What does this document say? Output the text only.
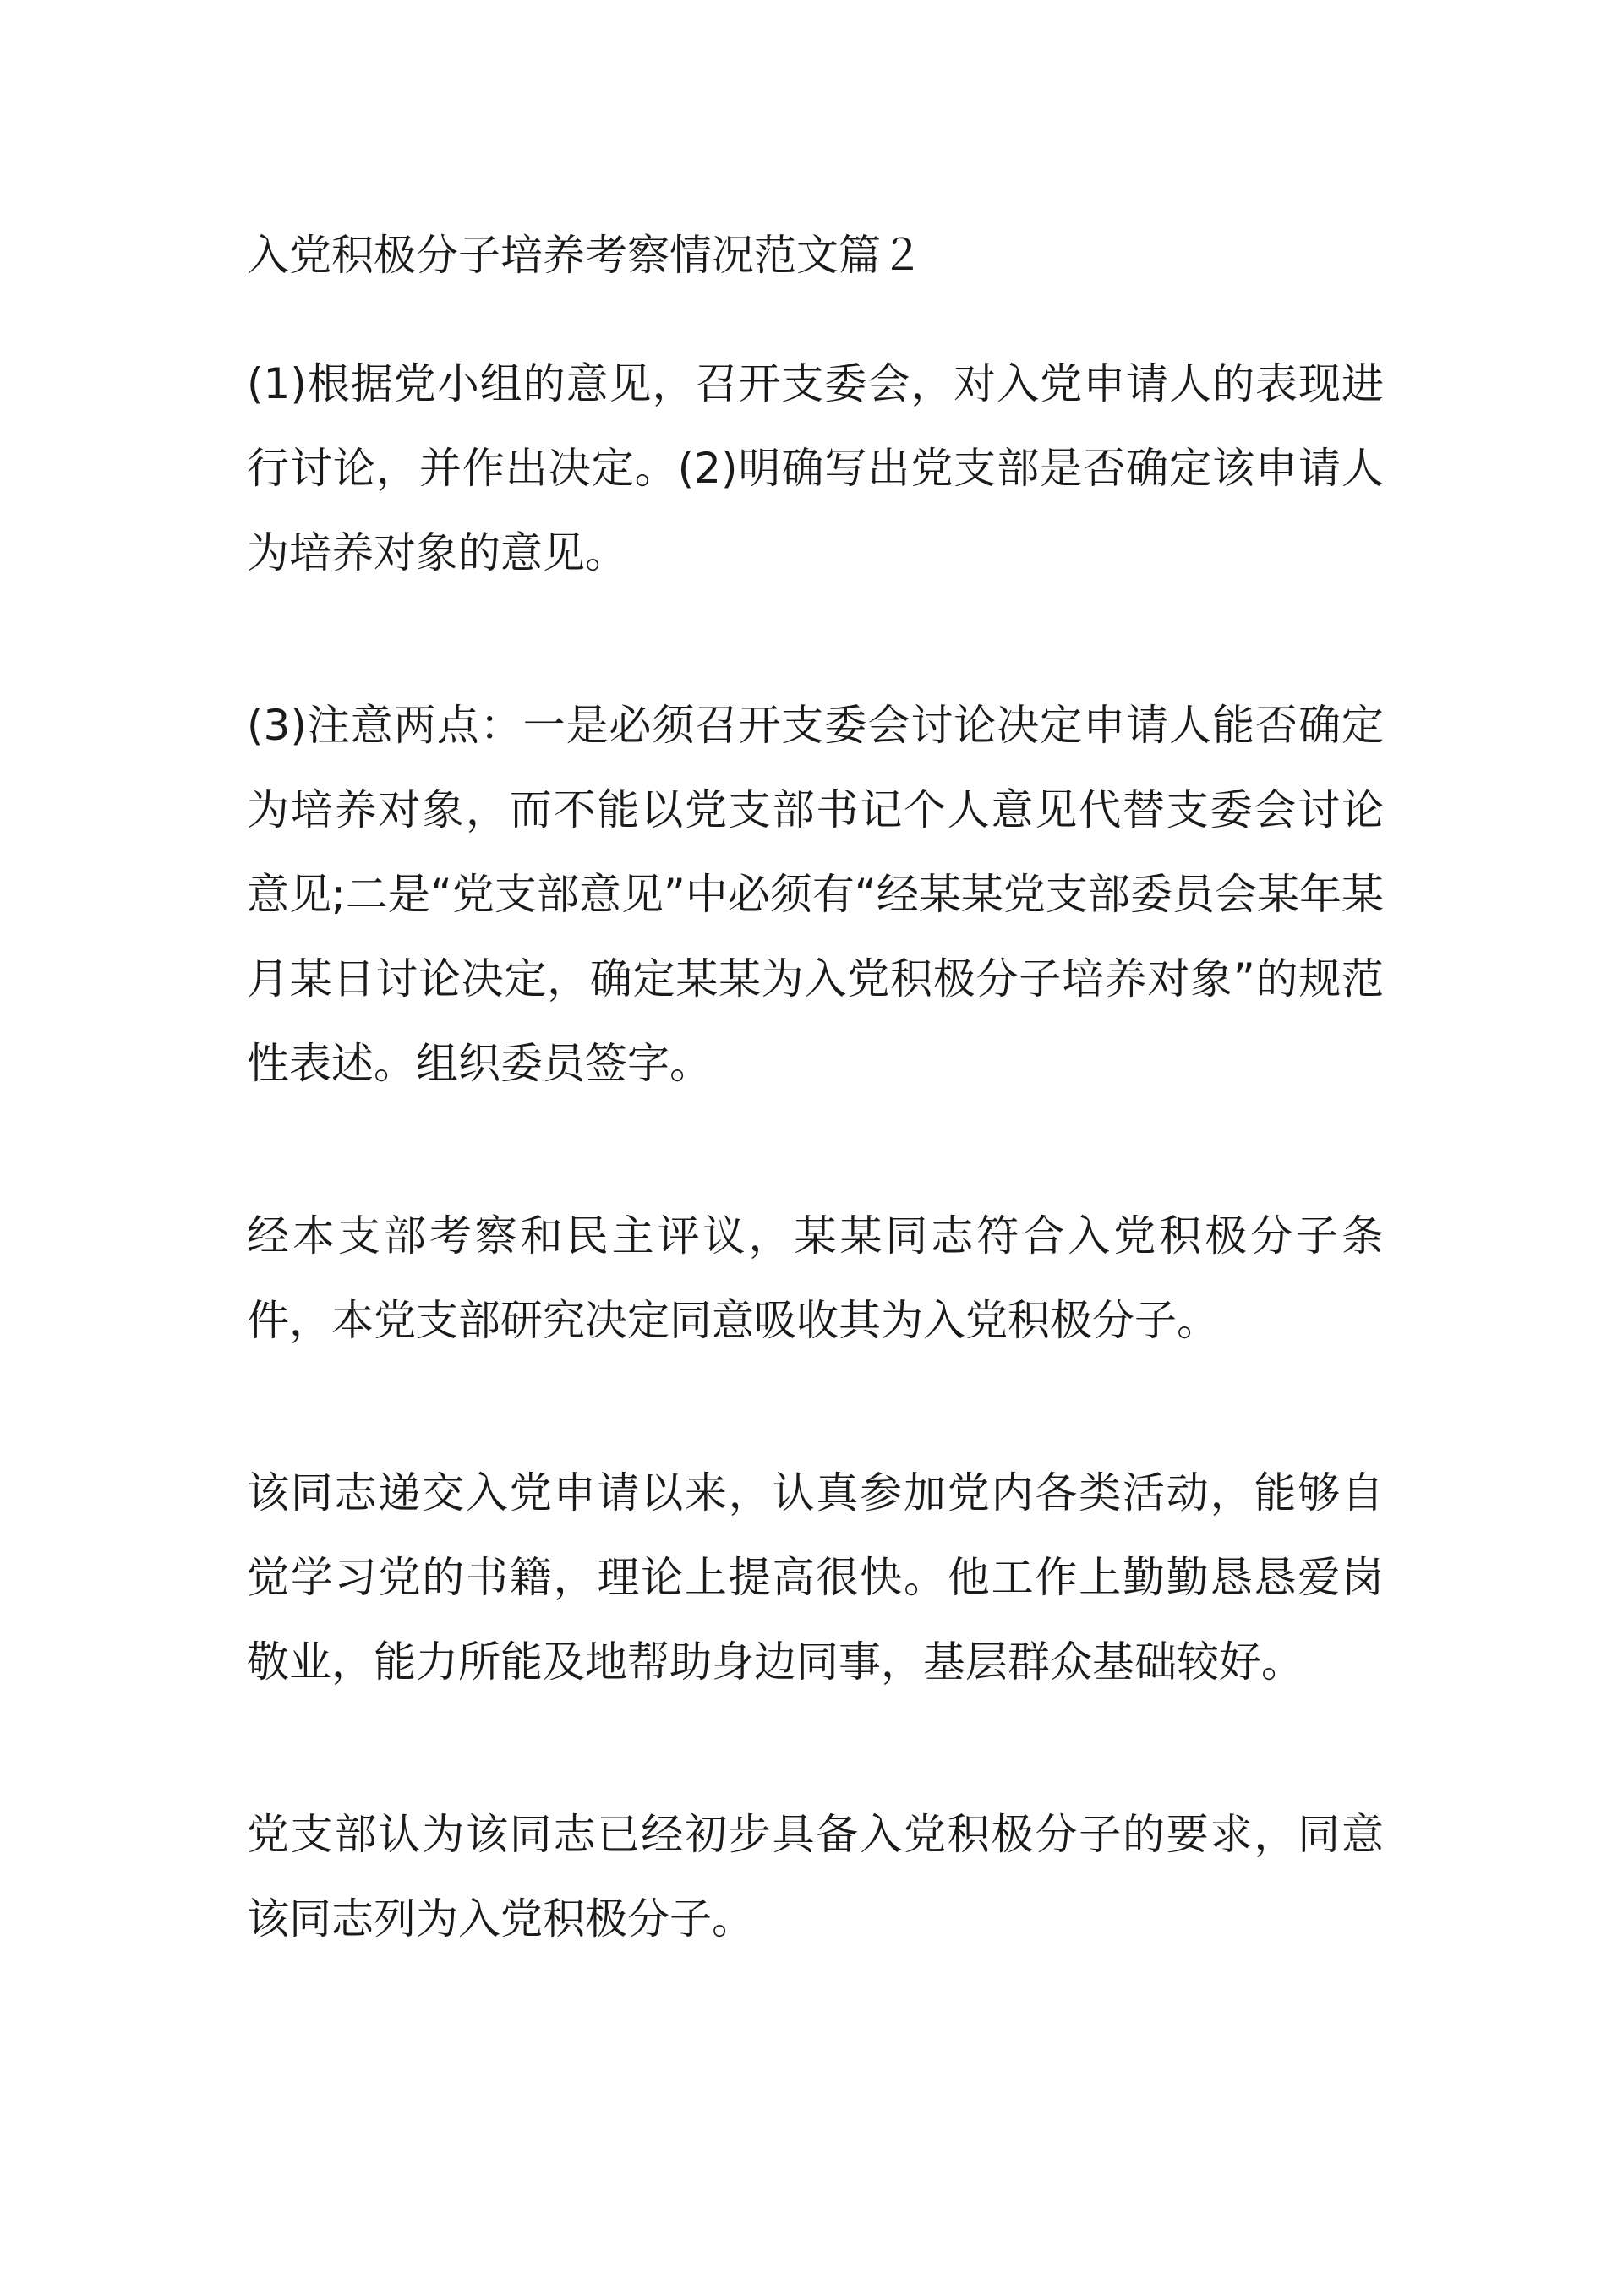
入党积极分子培养考察情况范文篇２

(1)根据党小组的意见，召开支委会，对入党申请人的表现进行讨论，并作出决定。(2)明确写出党支部是否确定该申请人为培养对象的意见。

(3)注意两点：一是必须召开支委会讨论决定申请人能否确定为培养对象，而不能以党支部书记个人意见代替支委会讨论意见;二是“党支部意见”中必须有“经某某党支部委员会某年某月某日讨论决定，确定某某为入党积极分子培养对象”的规范性表述。组织委员签字。

经本支部考察和民主评议，某某同志符合入党积极分子条件，本党支部研究决定同意吸收其为入党积极分子。

该同志递交入党申请以来，认真参加党内各类活动，能够自觉学习党的书籍，理论上提高很快。他工作上勤勤恳恳爱岗敬业，能力所能及地帮助身边同事，基层群众基础较好。

党支部认为该同志已经初步具备入党积极分子的要求，同意该同志列为入党积极分子。
